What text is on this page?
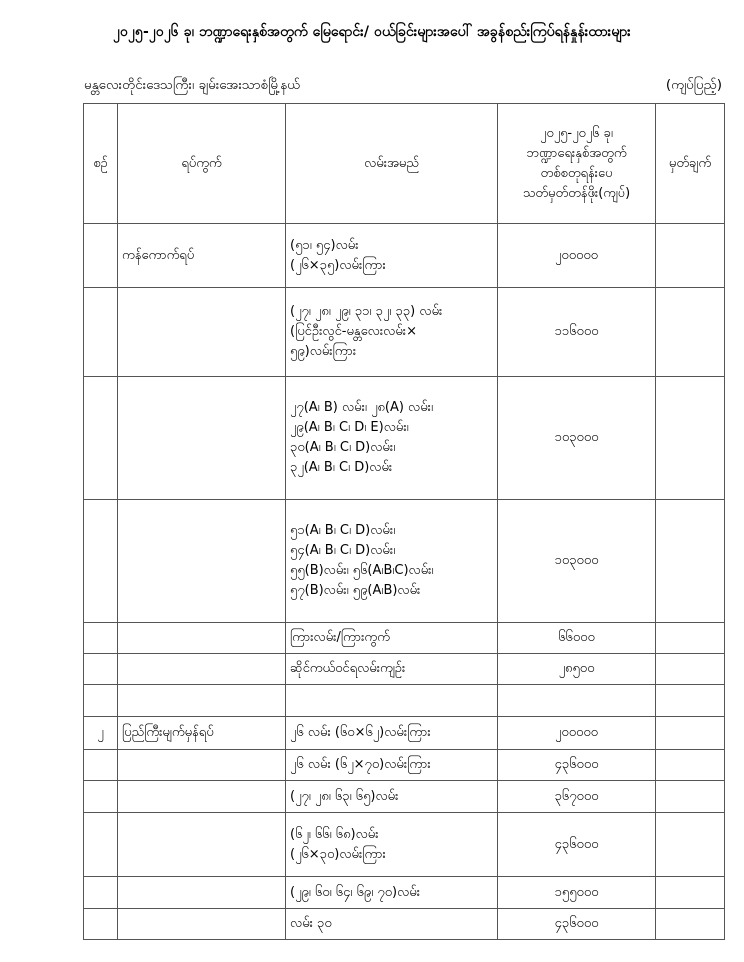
၂၀၂၅-၂၀၂၆ ခု၊ ဘဏ္ဍာရေးနှစ်အတွက် မြေရောင်း/ ဝယ်ခြင်းများအပေါ် အခွန်စည်းကြပ်ရန်နှုန်းထားများ
မန္တလေးတိုင်းဒေသကြီး၊ ချမ်းအေးသာစံမြို့နယ်	(ကျပ်ပြည့်)
စဉ်	ရပ်ကွက်	လမ်းအမည်	၂၀၂၅-၂၀၂၆ ခု၊
ဘဏ္ဍာရေးနှစ်အတွက်
တစ်စတုရန်းပေ
သတ်မှတ်တန်ဖိုး(ကျပ်)	မှတ်ချက်
	ကန်ကောက်ရပ်	(၅၁၊ ၅၄)လမ်း
(၂၆×၃၅)လမ်းကြား	၂၀၀၀၀၀	

		(၂၇၊ ၂၈၊ ၂၉၊ ၃၁၊ ၃၂၊ ၃၃) လမ်း
(ပြင်ဦးလွင်-မန္တလေးလမ်း×
၅၉)လမ်းကြား	၁၁၆၀၀၀	

		၂၇(A၊ B) လမ်း၊ ၂၈(A) လမ်း၊
၂၉(A၊ B၊ C၊ D၊ E)လမ်း၊
၃၀(A၊ B၊ C၊ D)လမ်း၊
၃၂(A၊ B၊ C၊ D)လမ်း	၁၀၃၀၀၀	

		၅၁(A၊ B၊ C၊ D)လမ်း၊
၅၄(A၊ B၊ C၊ D)လမ်း၊
၅၅(B)လမ်း၊ ၅၆(A၊B၊C)လမ်း၊
၅၇(B)လမ်း၊ ၅၉(A၊B)လမ်း	၁၀၃၀၀၀	

		ကြားလမ်း/ကြားကွက်	၆၆၀၀၀	

		ဆိုင်ကယ်ဝင်ရလမ်းကျဉ်း	၂၈၅၀၀	

၂	ပြည်ကြီးမျက်မှန်ရပ်	၂၆ လမ်း (၆၀×၆၂)လမ်းကြား	၂၀၀၀၀၀	

		၂၆ လမ်း (၆၂×၇၀)လမ်းကြား	၄၃၆၀၀၀	

		(၂၇၊ ၂၈၊ ၆၃၊ ၆၅)လမ်း	၃၆၇၀၀၀	

		(၆၂၊ ၆၆၊ ၆၈)လမ်း
(၂၆×၃၀)လမ်းကြား	၄၃၆၀၀၀	

		(၂၉၊ ၆၀၊ ၆၄၊ ၆၉၊ ၇၀)လမ်း	၁၅၅၀၀၀	

		လမ်း ၃၀	၄၃၆၀၀၀	
